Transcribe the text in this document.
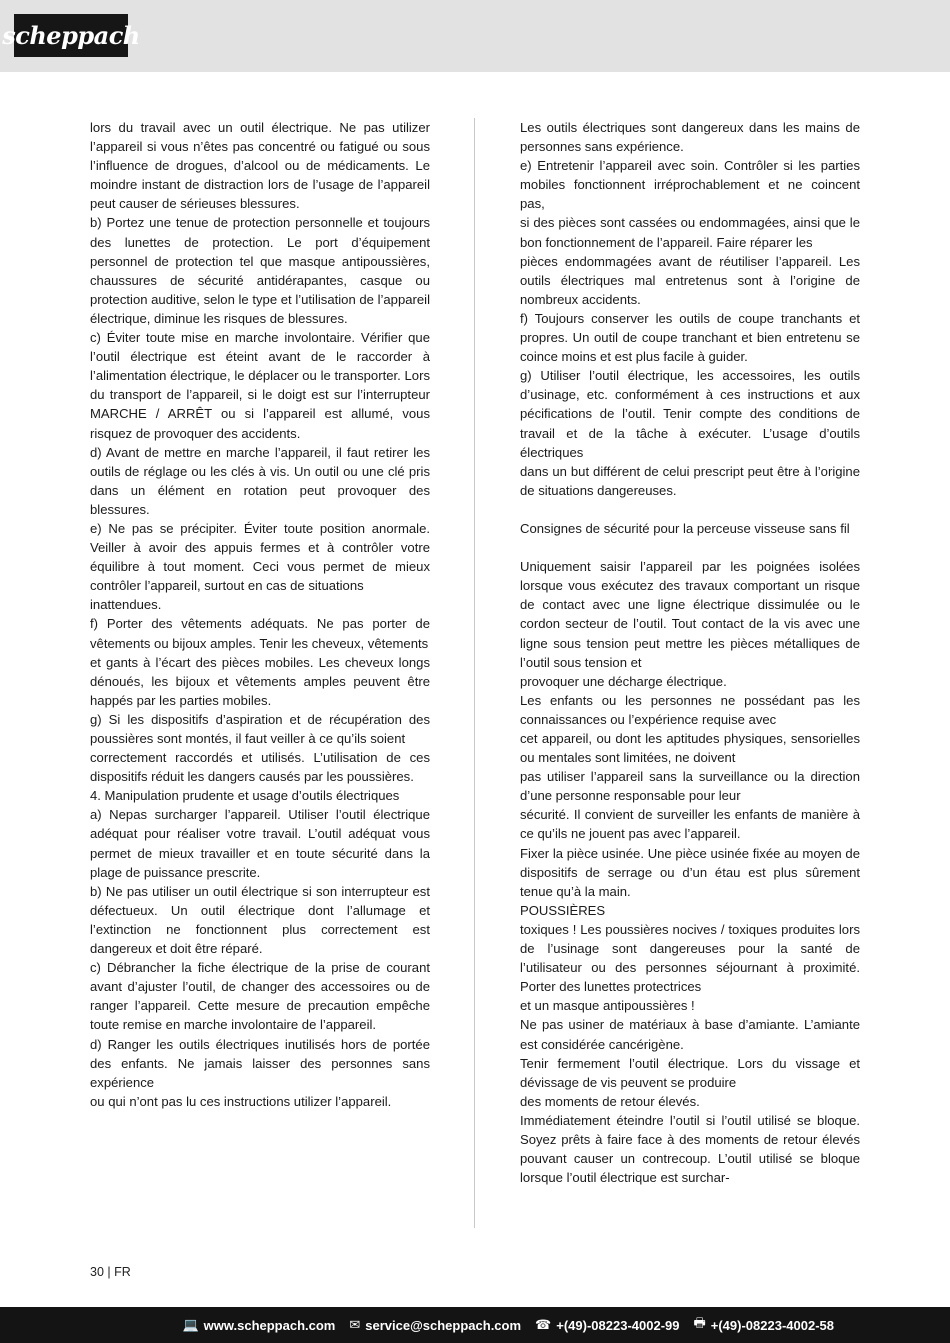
scheppach

lors du travail avec un outil électrique. Ne pas utilizer l’appareil si vous n’êtes pas concentré ou fatigué ou sous l’influence de drogues, d’alcool ou de médicaments. Le moindre instant de distraction lors de l’usage de l’appareil peut causer de sérieuses blessures.

b) Portez une tenue de protection personnelle et toujours des lunettes de protection. Le port d’équipement personnel de protection tel que masque antipoussières, chaussures de sécurité antidérapantes, casque ou protection auditive, selon le type et l’utilisation de l’appareil électrique, diminue les risques de blessures.

c) Éviter toute mise en marche involontaire. Vérifier que l’outil électrique est éteint avant de le raccorder à l’alimentation électrique, le déplacer ou le transporter. Lors du transport de l’appareil, si le doigt est sur l’interrupteur MARCHE / ARRÊT ou si l’appareil est allumé, vous risquez de provoquer des accidents.

d) Avant de mettre en marche l’appareil, il faut retirer les outils de réglage ou les clés à vis. Un outil ou une clé pris dans un élément en rotation peut provoquer des blessures.

e) Ne pas se précipiter. Éviter toute position anormale. Veiller à avoir des appuis fermes et à contrôler votre équilibre à tout moment. Ceci vous permet de mieux contrôler l’appareil, surtout en cas de situations

inattendues.

f) Porter des vêtements adéquats. Ne pas porter de vêtements ou bijoux amples. Tenir les cheveux, vêtements

et gants à l’écart des pièces mobiles. Les cheveux longs dénoués, les bijoux et vêtements amples peuvent être happés par les parties mobiles.

g) Si les dispositifs d’aspiration et de récupération des poussières sont montés, il faut veiller à ce qu’ils soient

correctement raccordés et utilisés. L’utilisation de ces dispositifs réduit les dangers causés par les poussières.

4. Manipulation prudente et usage d’outils électriques

a) Nepas surcharger l’appareil. Utiliser l’outil électrique adéquat pour réaliser votre travail. L’outil adéquat vous permet de mieux travailler et en toute sécurité dans la plage de puissance prescrite.

b) Ne pas utiliser un outil électrique si son interrupteur est défectueux. Un outil électrique dont l’allumage et l’extinction ne fonctionnent plus correctement est dangereux et doit être réparé.

c) Débrancher la fiche électrique de la prise de courant avant d’ajuster l’outil, de changer des accessoires ou de ranger l’appareil. Cette mesure de precaution empêche toute remise en marche involontaire de l’appareil.

d) Ranger les outils électriques inutilisés hors de portée des enfants. Ne jamais laisser des personnes sans expérience

ou qui n’ont pas lu ces instructions utilizer l’appareil.

Les outils électriques sont dangereux dans les mains de personnes sans expérience.

e) Entretenir l’appareil avec soin. Contrôler si les parties mobiles fonctionnent irréprochablement et ne coincent pas,

si des pièces sont cassées ou endommagées, ainsi que le bon fonctionnement de l’appareil. Faire réparer les

pièces endommagées avant de réutiliser l’appareil. Les outils électriques mal entretenus sont à l’origine de nombreux accidents.

f) Toujours conserver les outils de coupe tranchants et propres. Un outil de coupe tranchant et bien entretenu se coince moins et est plus facile à guider.

g) Utiliser l’outil électrique, les accessoires, les outils d’usinage, etc. conformément à ces instructions et aux pécifications de l’outil. Tenir compte des conditions de travail et de la tâche à exécuter. L’usage d’outils électriques

dans un but différent de celui prescript peut être à l’origine de situations dangereuses.

Consignes de sécurité pour la perceuse visseuse sans fil

Uniquement saisir l’appareil par les poignées isolées lorsque vous exécutez des travaux comportant un risque de contact avec une ligne électrique dissimulée ou le cordon secteur de l’outil. Tout contact de la vis avec une ligne sous tension peut mettre les pièces métalliques de l’outil sous tension et

provoquer une décharge électrique.

Les enfants ou les personnes ne possédant pas les connaissances ou l’expérience requise avec

cet appareil, ou dont les aptitudes physiques, sensorielles ou mentales sont limitées, ne doivent

pas utiliser l’appareil sans la surveillance ou la direction d’une personne responsable pour leur

sécurité. Il convient de surveiller les enfants de manière à ce qu’ils ne jouent pas avec l’appareil.

Fixer la pièce usinée. Une pièce usinée fixée au moyen de dispositifs de serrage ou d’un étau est plus sûrement tenue qu’à la main.

POUSSIÈRES

toxiques ! Les poussières nocives / toxiques produites lors de l’usinage sont dangereuses pour la santé de l’utilisateur ou des personnes séjournant à proximité. Porter des lunettes protectrices

et un masque antipoussières !

Ne pas usiner de matériaux à base d’amiante. L’amiante est considérée cancérigène.

Tenir fermement l’outil électrique. Lors du vissage et dévissage de vis peuvent se produire

des moments de retour élevés.

Immédiatement éteindre l’outil si l’outil utilisé se bloque. Soyez prêts à faire face à des moments de retour élevés pouvant causer un contrecoup. L’outil utilisé se bloque lorsque l’outil électrique est surchar-

30 | FR
💻 www.scheppach.com ✉ service@scheppach.com ☎ +(49)-08223-4002-99 🖶 +(49)-08223-4002-58
